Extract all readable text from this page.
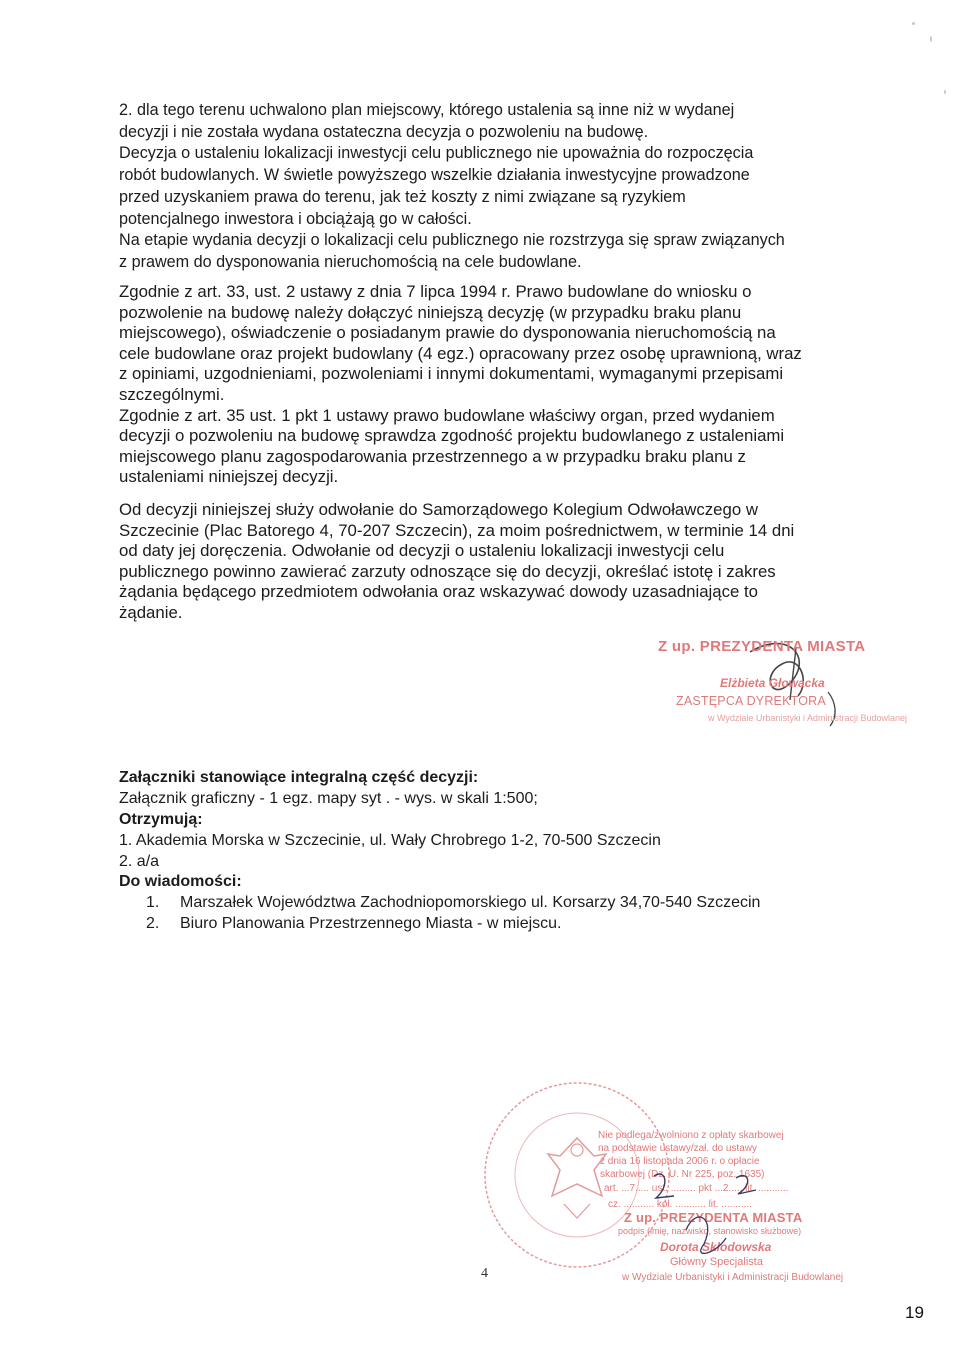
2. dla tego terenu uchwalono plan miejscowy, którego ustalenia są inne niż w wydanej

decyzji i nie została wydana ostateczna decyzja o pozwoleniu na budowę.

Decyzja o ustaleniu lokalizacji inwestycji celu publicznego nie upoważnia do rozpoczęcia

robót budowlanych. W świetle powyższego wszelkie działania inwestycyjne prowadzone

przed uzyskaniem prawa do terenu, jak też koszty z nimi związane są ryzykiem

potencjalnego inwestora i obciążają go w całości.

Na etapie wydania decyzji o lokalizacji celu publicznego nie rozstrzyga się spraw związanych

z prawem do dysponowania nieruchomością na cele budowlane.

Zgodnie z art. 33, ust. 2 ustawy z dnia 7 lipca 1994 r. Prawo budowlane do wniosku o

pozwolenie na budowę należy dołączyć niniejszą decyzję (w przypadku braku planu

miejscowego), oświadczenie o posiadanym prawie do dysponowania nieruchomością na

cele budowlane oraz projekt budowlany (4 egz.) opracowany przez osobę uprawnioną, wraz

z opiniami, uzgodnieniami, pozwoleniami i innymi dokumentami, wymaganymi przepisami

szczególnymi.

Zgodnie z art. 35 ust. 1 pkt 1 ustawy prawo budowlane właściwy organ, przed wydaniem

decyzji o pozwoleniu na budowę sprawdza zgodność projektu budowlanego z ustaleniami

miejscowego planu zagospodarowania przestrzennego a w przypadku braku planu z

ustaleniami niniejszej decyzji.

Od decyzji niniejszej służy odwołanie do Samorządowego Kolegium Odwoławczego w

Szczecinie (Plac Batorego 4, 70-207 Szczecin), za moim pośrednictwem, w terminie 14 dni

od daty jej doręczenia. Odwołanie od decyzji o ustaleniu lokalizacji inwestycji celu

publicznego powinno zawierać zarzuty odnoszące się do decyzji, określać istotę i zakres

żądania będącego przedmiotem odwołania oraz wskazywać dowody uzasadniające to

żądanie.

Z up. PREZYDENTA MIASTA
Elżbieta Głowacka
ZASTĘPCA DYREKTORA
w Wydziale Urbanistyki i Administracji Budowlanej
Załączniki stanowiące integralną część decyzji:
Załącznik graficzny - 1 egz. mapy syt . - wys. w skali 1:500;
Otrzymują:
1. Akademia Morska w Szczecinie, ul. Wały Chrobrego 1-2, 70-500 Szczecin
2. a/a
Do wiadomości:
1. Marszałek Województwa Zachodniopomorskiego ul. Korsarzy 34,70-540 Szczecin
2. Biuro Planowania Przestrzennego Miasta - w miejscu.
Nie podlega/zwolniono z opłaty skarbowej
na podstawie ustawy/zał. do ustawy
z dnia 16 listopada 2006 r. o opłacie
skarbowej (Dz. U. Nr 225, poz. 1635)
art. ...7..... ust. ......... pkt ...2..... lit. ...........
cz. ........... kol. ........... lit. ...........
Z up. PREZYDENTA MIASTA
podpis (imię, nazwisko, stanowisko służbowe)
Dorota Skłodowska
Główny Specjalista
w Wydziale Urbanistyki i Administracji Budowlanej
4
19
